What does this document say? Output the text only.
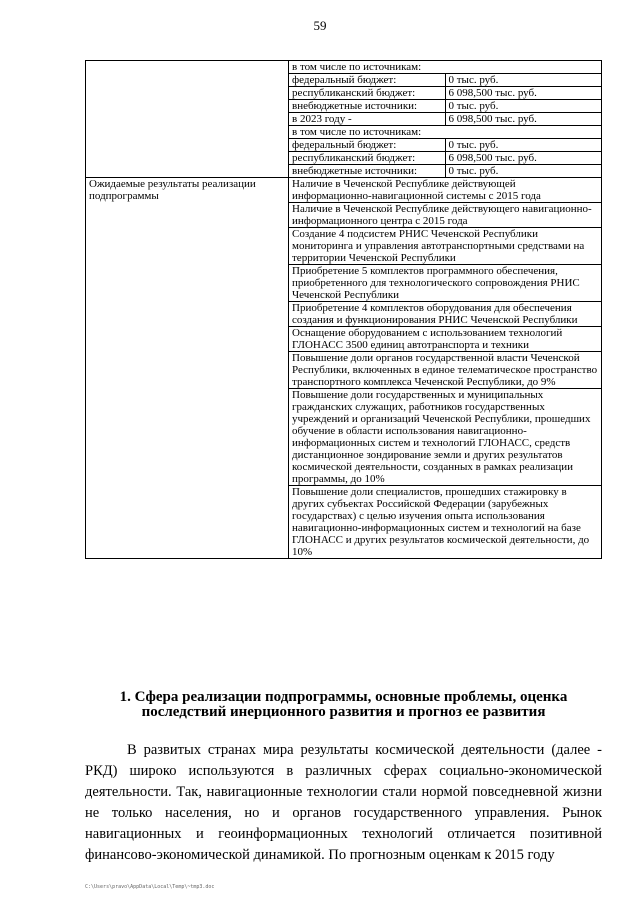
59
	в том числе по источникам:	
	федеральный бюджет:	0 тыс. руб.
	республиканский бюджет:	6 098,500 тыс. руб.
	внебюджетные источники:	0 тыс. руб.
	в 2023 году -	6 098,500 тыс. руб.
	в том числе по источникам:	
	федеральный бюджет:	0 тыс. руб.
	республиканский бюджет:	6 098,500 тыс. руб.
	внебюджетные источники:	0 тыс. руб.
Ожидаемые результаты реализации подпрограммы	Наличие в Чеченской Республике действующей информационно-навигационной системы с 2015 года	
	Наличие в Чеченской Республике действующего навигационно-информационного центра с 2015 года	
	Создание 4 подсистем РНИС Чеченской Республики мониторинга и управления автотранспортными средствами на территории Чеченской Республики	
	Приобретение 5 комплектов программного обеспечения, приобретенного для технологического сопровождения РНИС Чеченской Республики	
	Приобретение 4 комплектов оборудования для обеспечения создания и функционирования РНИС Чеченской Республики	
	Оснащение оборудованием с использованием технологий ГЛОНАСС 3500 единиц автотранспорта и техники	
	Повышение доли органов государственной власти Чеченской Республики, включенных в единое телематическое пространство транспортного комплекса Чеченской Республики, до 9%	
	Повышение доли государственных и муниципальных гражданских служащих, работников государственных учреждений и организаций Чеченской Республики, прошедших обучение в области использования навигационно-информационных систем и технологий ГЛОНАСС, средств дистанционное зондирование земли и других результатов космической деятельности, созданных в рамках реализации программы, до 10%	
	Повышение доли специалистов, прошедших стажировку в других субъектах Российской Федерации (зарубежных государствах) с целью изучения опыта использования навигационно-информационных систем и технологий на базе ГЛОНАСС и других результатов космической деятельности, до 10%	
1. Сфера реализации подпрограммы, основные проблемы, оценка последствий инерционного развития и прогноз ее развития

В развитых странах мира результаты космической деятельности (далее - РКД) широко используются в различных сферах социально-экономической деятельности. Так, навигационные технологии стали нормой повседневной жизни не только населения, но и органов государственного управления. Рынок навигационных и геоинформационных технологий отличается позитивной финансово-экономической динамикой. По прогнозным оценкам к 2015 году

C:\Users\pravo\AppData\Local\Temp\~tmp3.doc
